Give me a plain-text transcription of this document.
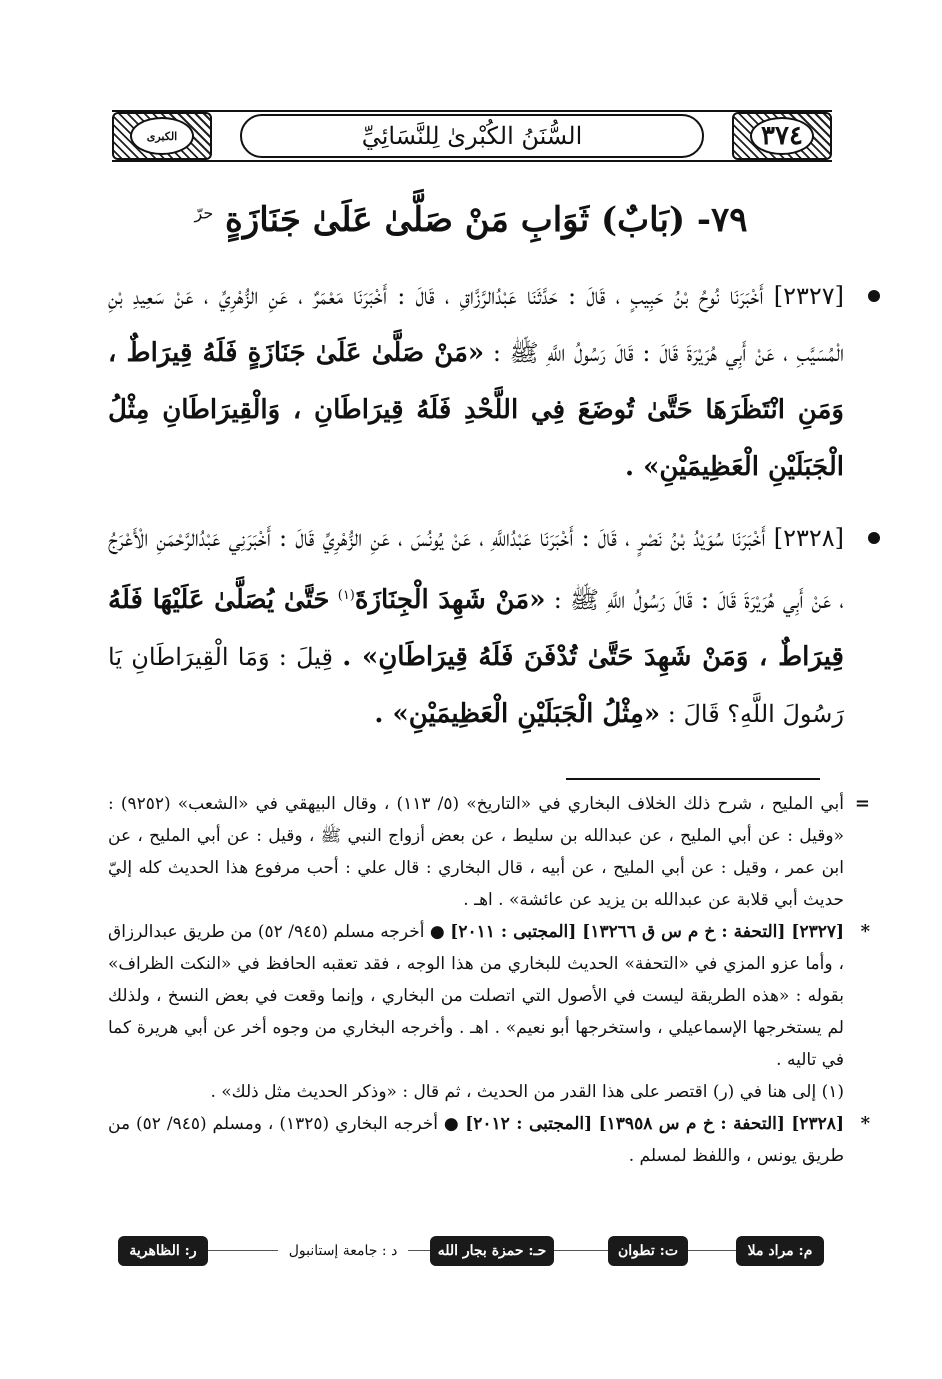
الكبرى	السُّنَنُ الكُبْرىٰ لِلنَّسَائِيِّ	٣٧٤
٧٩- (بَابٌ) ثَوَابِ مَنْ صَلَّىٰ عَلَىٰ جَنَازَةٍ $^{حرّ}$
[٢٣٢٧] أَخْبَرَنَا نُوحُ بْنُ حَبِيبٍ ، قَالَ : حَدَّثَنَا عَبْدُالرَّزَّاقِ ، قَالَ : أَخْبَرَنَا مَعْمَرٌ ، عَنِ الزُّهْرِيِّ ، عَنْ سَعِيدِ بْنِ الْمُسَيَّبِ ، عَنْ أَبِي هُرَيْرَةَ قَالَ : قَالَ رَسُولُ اللَّهِ ﷺ : «مَنْ صَلَّىٰ عَلَىٰ جَنَازَةٍ فَلَهُ قِيرَاطٌ ، وَمَنِ انْتَظَرَهَا حَتَّىٰ تُوضَعَ فِي اللَّحْدِ فَلَهُ قِيرَاطَانِ ، وَالْقِيرَاطَانِ مِثْلُ الْجَبَلَيْنِ الْعَظِيمَيْنِ» .
[٢٣٢٨] أَخْبَرَنَا سُوَيْدُ بْنُ نَصْرٍ ، قَالَ : أَخْبَرَنَا عَبْدُاللَّهِ ، عَنْ يُونُسَ ، عَنِ الزُّهْرِيِّ قَالَ : أَخْبَرَنِي عَبْدُالرَّحْمَنِ الْأَعْرَجُ ، عَنْ أَبِي هُرَيْرَةَ قَالَ : قَالَ رَسُولُ اللَّهِ ﷺ : «مَنْ شَهِدَ الْجِنَازَةَ$^{(١)}$ حَتَّىٰ يُصَلَّىٰ عَلَيْهَا فَلَهُ قِيرَاطٌ ، وَمَنْ شَهِدَ حَتَّىٰ تُدْفَنَ فَلَهُ قِيرَاطَانِ» . قِيلَ : وَمَا الْقِيرَاطَانِ يَا رَسُولَ اللَّهِ؟ قَالَ : «مِثْلُ الْجَبَلَيْنِ الْعَظِيمَيْنِ» .

=
أبي المليح ، شرح ذلك الخلاف البخاري في «التاريخ» (٥/ ١١٣) ، وقال البيهقي في «الشعب» (٩٢٥٢) : «وقيل : عن أبي المليح ، عن عبدالله بن سليط ، عن بعض أزواج النبي ﷺ ، وقيل : عن أبي المليح ، عن ابن عمر ، وقيل : عن أبي المليح ، عن أبيه ، قال البخاري : قال علي : أحب مرفوع هذا الحديث كله إليّ حديث أبي قلابة عن عبدالله بن يزيد عن عائشة» . اهـ .

*
[٢٣٢٧] [التحفة : خ م س ق ١٣٢٦٦] [المجتبى : ٢٠١١] ● أخرجه مسلم (٩٤٥/ ٥٢) من طريق عبدالرزاق ، وأما عزو المزي في «التحفة» الحديث للبخاري من هذا الوجه ، فقد تعقبه الحافظ في «النكت الظراف» بقوله : «هذه الطريقة ليست في الأصول التي اتصلت من البخاري ، وإنما وقعت في بعض النسخ ، ولذلك لم يستخرجها الإسماعيلي ، واستخرجها أبو نعيم» . اهـ . وأخرجه البخاري من وجوه أخر عن أبي هريرة كما في تاليه .

(١) إلى هنا في (ر) اقتصر على هذا القدر من الحديث ، ثم قال : «وذكر الحديث مثل ذلك» .

*
[٢٣٢٨] [التحفة : خ م س ١٣٩٥٨] [المجتبى : ٢٠١٢] ● أخرجه البخاري (١٣٢٥) ، ومسلم (٩٤٥/ ٥٢) من طريق يونس ، واللفظ لمسلم .

م: مراد ملا
ت: تطوان
حـ: حمزة بجار الله
د : جامعة إستانبول
ر: الظاهرية
